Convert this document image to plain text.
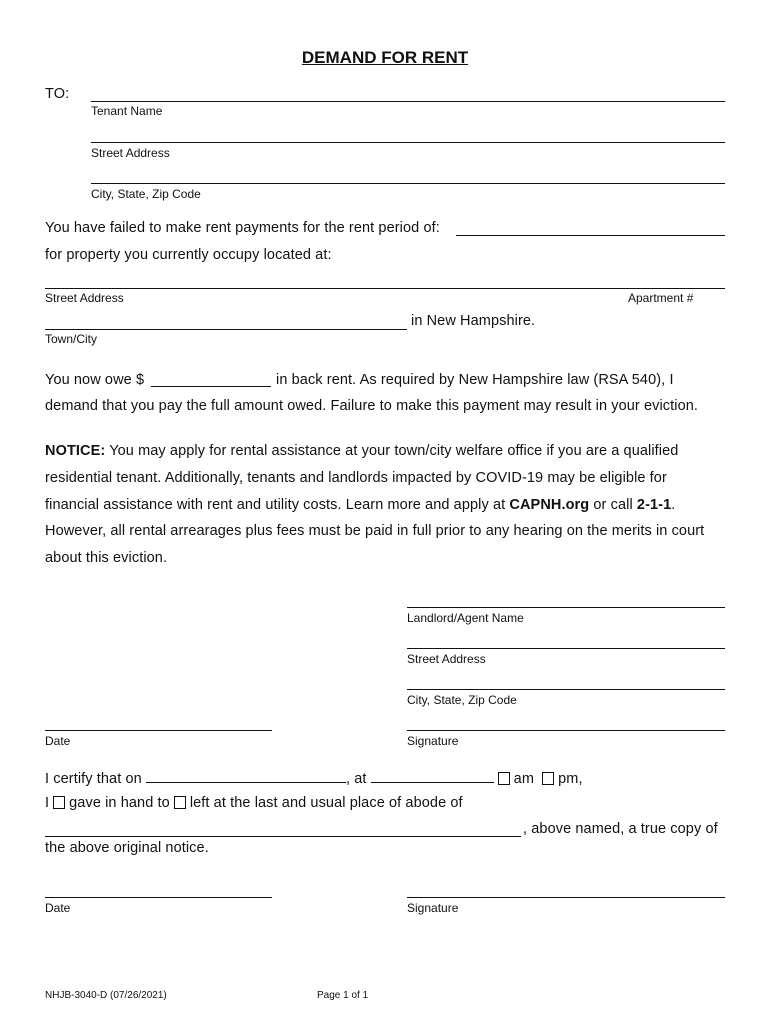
DEMAND FOR RENT
TO:
Tenant Name
Street Address
City, State, Zip Code
You have failed to make rent payments for the rent period of:
for property you currently occupy located at:
Street Address	Apartment #
in New Hampshire.
Town/City
You now owe $	in back rent. As required by New Hampshire law (RSA 540), I
demand that you pay the full amount owed. Failure to make this payment may result in your eviction.
NOTICE: You may apply for rental assistance at your town/city welfare office if you are a qualified
residential tenant. Additionally, tenants and landlords impacted by COVID-19 may be eligible for
financial assistance with rent and utility costs. Learn more and apply at CAPNH.org or call 2-1-1.
However, all rental arrearages plus fees must be paid in full prior to any hearing on the merits in court
about this eviction.
Landlord/Agent Name
Street Address
City, State, Zip Code
Date	Signature
I certify that on	, at	am pm,
I gave in hand to left at the last and usual place of abode of
, above named, a true copy of
the above original notice.
Date	Signature
NHJB-3040-D (07/26/2021)	Page 1 of 1
